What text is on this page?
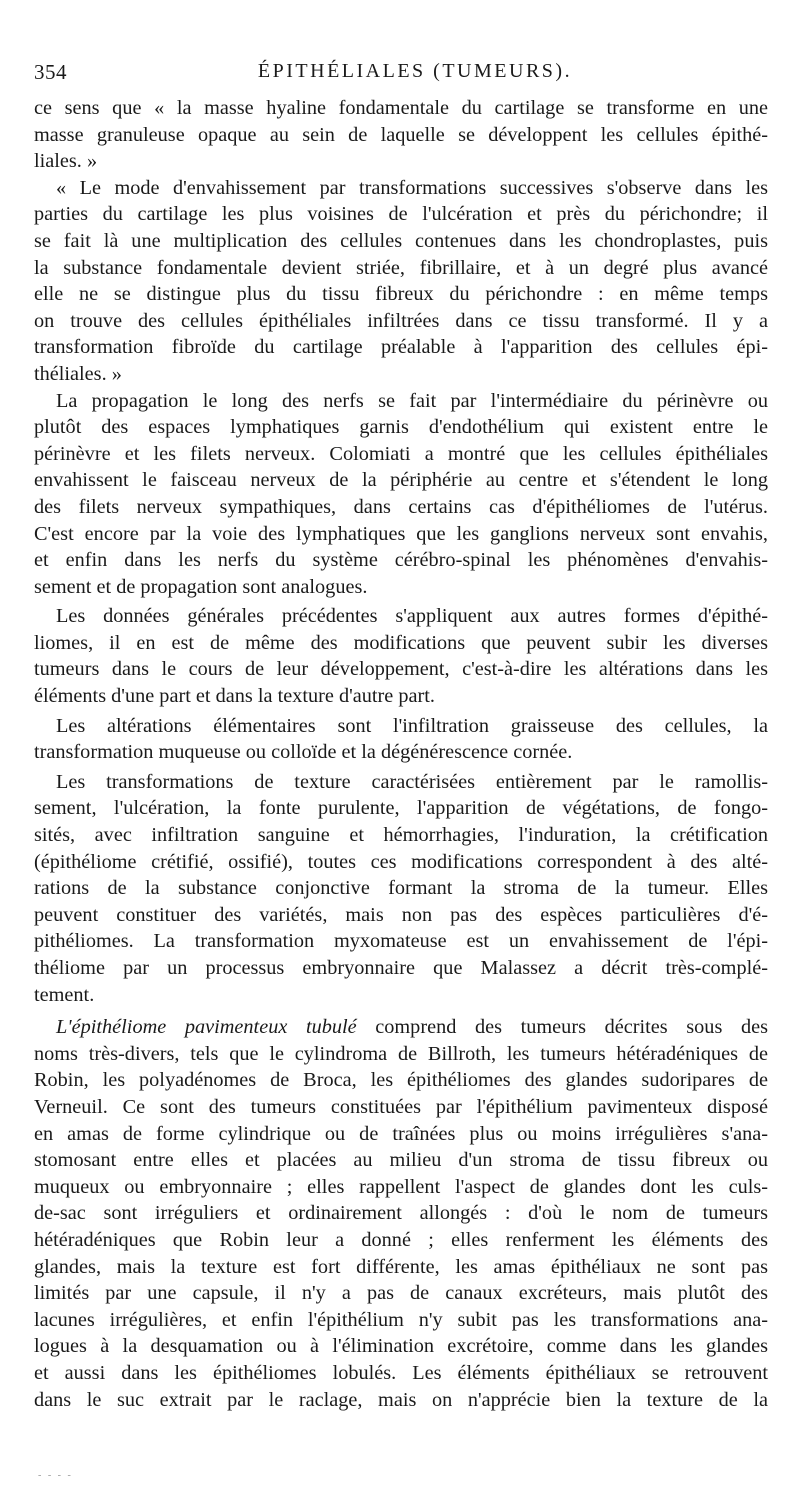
354	ÉPITHÉLIALES (TUMEURS).
ce sens que « la masse hyaline fondamentale du cartilage se transforme en une
masse granuleuse opaque au sein de laquelle se développent les cellules épithé-
liales. »
« Le mode d'envahissement par transformations successives s'observe dans les
parties du cartilage les plus voisines de l'ulcération et près du périchondre; il
se fait là une multiplication des cellules contenues dans les chondroplastes, puis
la substance fondamentale devient striée, fibrillaire, et à un degré plus avancé
elle ne se distingue plus du tissu fibreux du périchondre : en même temps
on trouve des cellules épithéliales infiltrées dans ce tissu transformé. Il y a
transformation fibroïde du cartilage préalable à l'apparition des cellules épi-
théliales. »
La propagation le long des nerfs se fait par l'intermédiaire du périnèvre ou
plutôt des espaces lymphatiques garnis d'endothélium qui existent entre le
périnèvre et les filets nerveux. Colomiati a montré que les cellules épithéliales
envahissent le faisceau nerveux de la périphérie au centre et s'étendent le long
des filets nerveux sympathiques, dans certains cas d'épithéliomes de l'utérus.
C'est encore par la voie des lymphatiques que les ganglions nerveux sont envahis,
et enfin dans les nerfs du système cérébro-spinal les phénomènes d'envahis-
sement et de propagation sont analogues.
Les données générales précédentes s'appliquent aux autres formes d'épithé-
liomes, il en est de même des modifications que peuvent subir les diverses
tumeurs dans le cours de leur développement, c'est-à-dire les altérations dans les
éléments d'une part et dans la texture d'autre part.
Les altérations élémentaires sont l'infiltration graisseuse des cellules, la
transformation muqueuse ou colloïde et la dégénérescence cornée.
Les transformations de texture caractérisées entièrement par le ramollis-
sement, l'ulcération, la fonte purulente, l'apparition de végétations, de fongo-
sités, avec infiltration sanguine et hémorrhagies, l'induration, la crétification
(épithéliome crétifié, ossifié), toutes ces modifications correspondent à des alté-
rations de la substance conjonctive formant la stroma de la tumeur. Elles
peuvent constituer des variétés, mais non pas des espèces particulières d'é-
pithéliomes. La transformation myxomateuse est un envahissement de l'épi-
théliome par un processus embryonnaire que Malassez a décrit très-complé-
tement.
L'épithéliome pavimenteux tubulé comprend des tumeurs décrites sous des
noms très-divers, tels que le cylindroma de Billroth, les tumeurs hétéradéniques de
Robin, les polyadénomes de Broca, les épithéliomes des glandes sudoripares de
Verneuil. Ce sont des tumeurs constituées par l'épithélium pavimenteux disposé
en amas de forme cylindrique ou de traînées plus ou moins irrégulières s'ana-
stomosant entre elles et placées au milieu d'un stroma de tissu fibreux ou
muqueux ou embryonnaire ; elles rappellent l'aspect de glandes dont les culs-
de-sac sont irréguliers et ordinairement allongés : d'où le nom de tumeurs
hétéradéniques que Robin leur a donné ; elles renferment les éléments des
glandes, mais la texture est fort différente, les amas épithéliaux ne sont pas
limités par une capsule, il n'y a pas de canaux excréteurs, mais plutôt des
lacunes irrégulières, et enfin l'épithélium n'y subit pas les transformations ana-
logues à la desquamation ou à l'élimination excrétoire, comme dans les glandes
et aussi dans les épithéliomes lobulés. Les éléments épithéliaux se retrouvent
dans le suc extrait par le raclage, mais on n'apprécie bien la texture de la
- - - -
